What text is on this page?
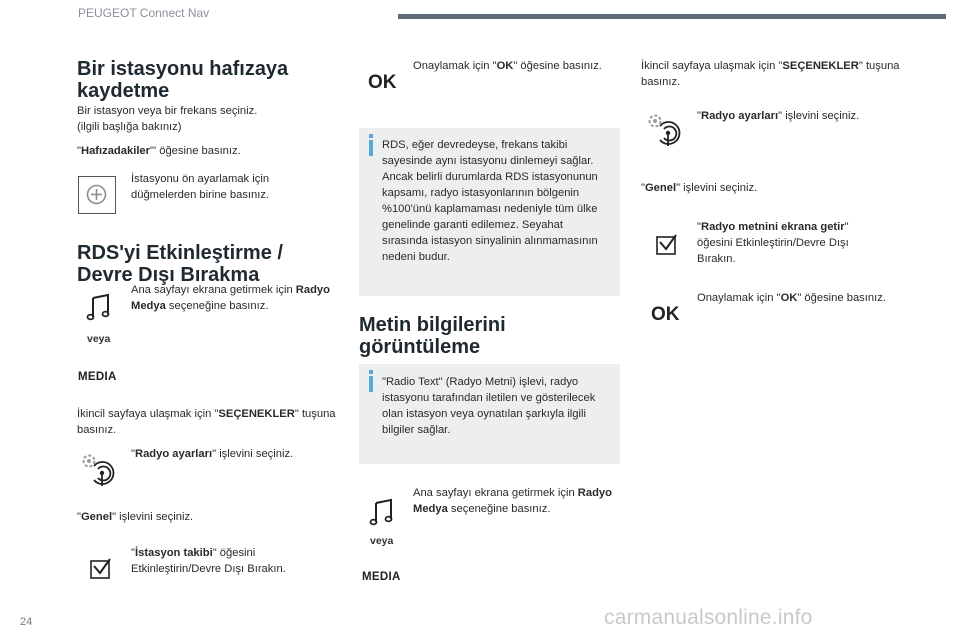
PEUGEOT Connect Nav
24	carmanualsonline.info
Bir istasyonu hafızaya kaydetme
Bir istasyon veya bir frekans seçiniz.
(ilgili başlığa bakınız)
"Hafızadakiler"' öğesine basınız.
İstasyonu ön ayarlamak için düğmelerden birine basınız.
RDS'yi Etkinleştirme / Devre Dışı Bırakma
veya
MEDIA
Ana sayfayı ekrana getirmek için Radyo Medya seçeneğine basınız.
İkincil sayfaya ulaşmak için "SEÇENEKLER" tuşuna basınız.
"Radyo ayarları" işlevini seçiniz.
"Genel" işlevini seçiniz.
"İstasyon takibi" öğesini Etkinleştirin/Devre Dışı Bırakın.
OK
Onaylamak için "OK" öğesine basınız.
RDS, eğer devredeyse, frekans takibi sayesinde aynı istasyonu dinlemeyi sağlar. Ancak belirli durumlarda RDS istasyonunun kapsamı, radyo istasyonlarının bölgenin %100'ünü kaplamaması nedeniyle tüm ülke genelinde garanti edilemez. Seyahat sırasında istasyon sinyalinin alınmamasının nedeni budur.
Metin bilgilerini görüntüleme
"Radio Text" (Radyo Metni) işlevi, radyo istasyonu tarafından iletilen ve gösterilecek olan istasyon veya oynatılan şarkıyla ilgili bilgiler sağlar.
Ana sayfayı ekrana getirmek için Radyo Medya seçeneğine basınız.
veya
MEDIA
İkincil sayfaya ulaşmak için "SEÇENEKLER" tuşuna basınız.
"Radyo ayarları" işlevini seçiniz.
"Genel" işlevini seçiniz.
"Radyo metnini ekrana getir" öğesini Etkinleştirin/Devre Dışı Bırakın.
OK
Onaylamak için "OK" öğesine basınız.
